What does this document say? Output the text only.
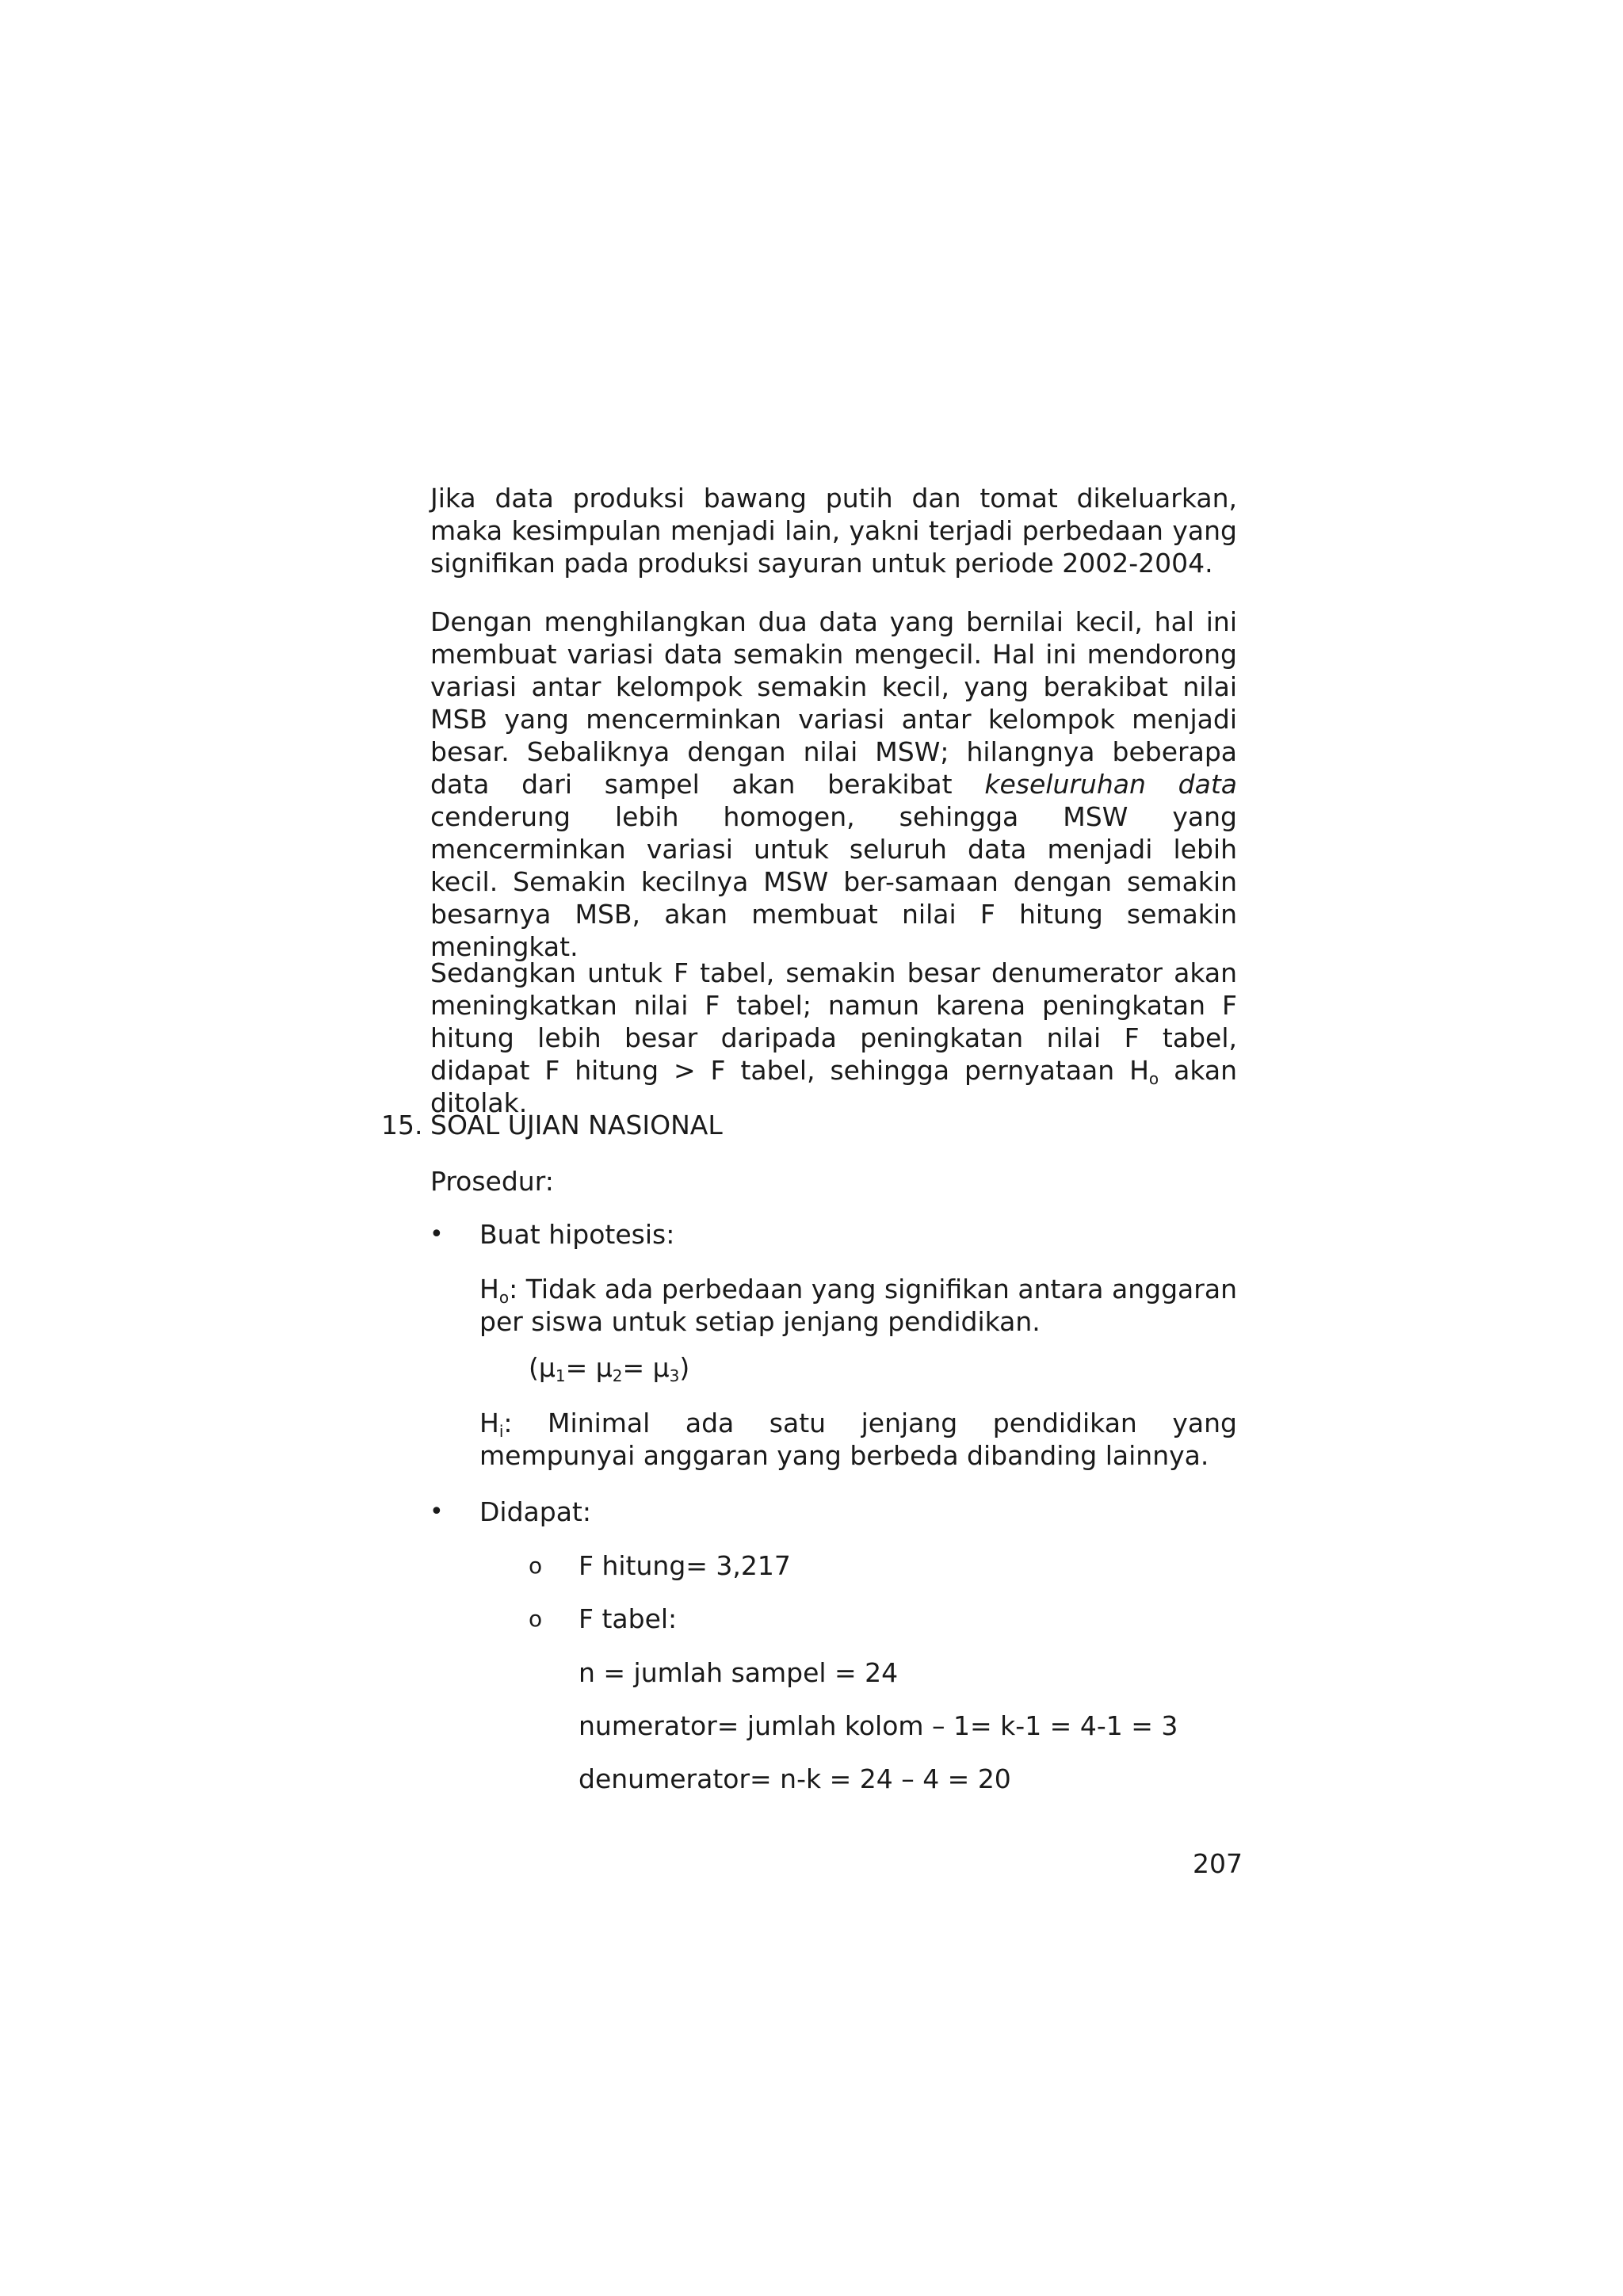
Jika data produksi bawang putih dan tomat dikeluarkan, maka kesimpulan menjadi lain, yakni terjadi perbedaan yang signifikan pada produksi sayuran untuk periode 2002-2004.

Dengan menghilangkan dua data yang bernilai kecil, hal ini membuat variasi data semakin mengecil. Hal ini mendorong variasi antar kelompok semakin kecil, yang berakibat nilai MSB yang mencerminkan variasi antar kelompok menjadi besar. Sebaliknya dengan nilai MSW; hilangnya beberapa data dari sampel akan berakibat keseluruhan data cenderung lebih homogen, sehingga MSW yang mencerminkan variasi untuk seluruh data menjadi lebih kecil. Semakin kecilnya MSW ber-samaan dengan semakin besarnya MSB, akan membuat nilai F hitung semakin meningkat.

Sedangkan untuk F tabel, semakin besar denumerator akan meningkatkan nilai F tabel; namun karena peningkatan F hitung lebih besar daripada peningkatan nilai F tabel, didapat F hitung > F tabel, sehingga pernyataan $H_o$ akan ditolak.

15. SOAL UJIAN NASIONAL
Prosedur:
• Buat hipotesis:

$H_o$: Tidak ada perbedaan yang signifikan antara anggaran per siswa untuk setiap jenjang pendidikan.

$(\mu_1= \mu_2= \mu_3)$

$H_i$: Minimal ada satu jenjang pendidikan yang mempunyai anggaran yang berbeda dibanding lainnya.

• Didapat:
o F hitung= 3,217
o F tabel:
n = jumlah sampel = 24
numerator= jumlah kolom – 1= k-1 = 4-1 = 3
denumerator= n-k = 24 – 4 = 20
207
